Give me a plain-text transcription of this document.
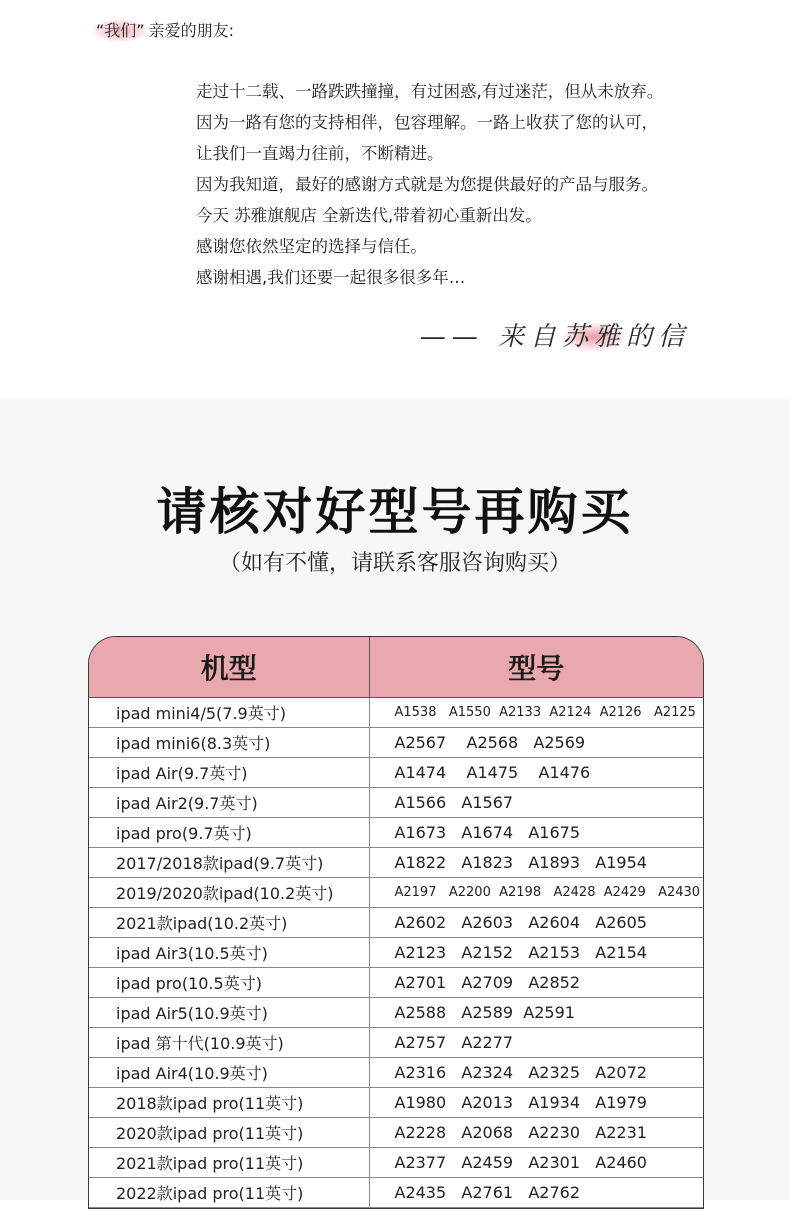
“我们” 亲爱的朋友:
走过十二载、一路跌跌撞撞，有过困惑,有过迷茫，但从未放弃。
因为一路有您的支持相伴，包容理解。一路上收获了您的认可，
让我们一直竭力往前，不断精进。
因为我知道，最好的感谢方式就是为您提供最好的产品与服务。
今天 苏雅旗舰店 全新迭代,带着初心重新出发。
感谢您依然坚定的选择与信任。
感谢相遇,我们还要一起很多很多年…
—— 来自苏雅的信
请核对好型号再购买
（如有不懂，请联系客服咨询购买）
机型	型号
ipad mini4/5(7.9英寸)	A1538   A1550  A2133  A2124  A2126   A2125
ipad mini6(8.3英寸)	A2567    A2568   A2569
ipad Air(9.7英寸)	A1474    A1475    A1476
ipad Air2(9.7英寸)	A1566   A1567
ipad pro(9.7英寸)	A1673   A1674   A1675
2017/2018款ipad(9.7英寸)	A1822   A1823   A1893   A1954
2019/2020款ipad(10.2英寸)	A2197   A2200  A2198   A2428  A2429   A2430
2021款ipad(10.2英寸)	A2602   A2603   A2604   A2605
ipad Air3(10.5英寸)	A2123   A2152   A2153   A2154
ipad pro(10.5英寸)	A2701   A2709   A2852
ipad Air5(10.9英寸)	A2588   A2589  A2591
ipad 第十代(10.9英寸)	A2757   A2277
ipad Air4(10.9英寸)	A2316   A2324   A2325   A2072
2018款ipad pro(11英寸)	A1980   A2013   A1934   A1979
2020款ipad pro(11英寸)	A2228   A2068   A2230   A2231
2021款ipad pro(11英寸)	A2377   A2459   A2301   A2460
2022款ipad pro(11英寸)	A2435   A2761   A2762
